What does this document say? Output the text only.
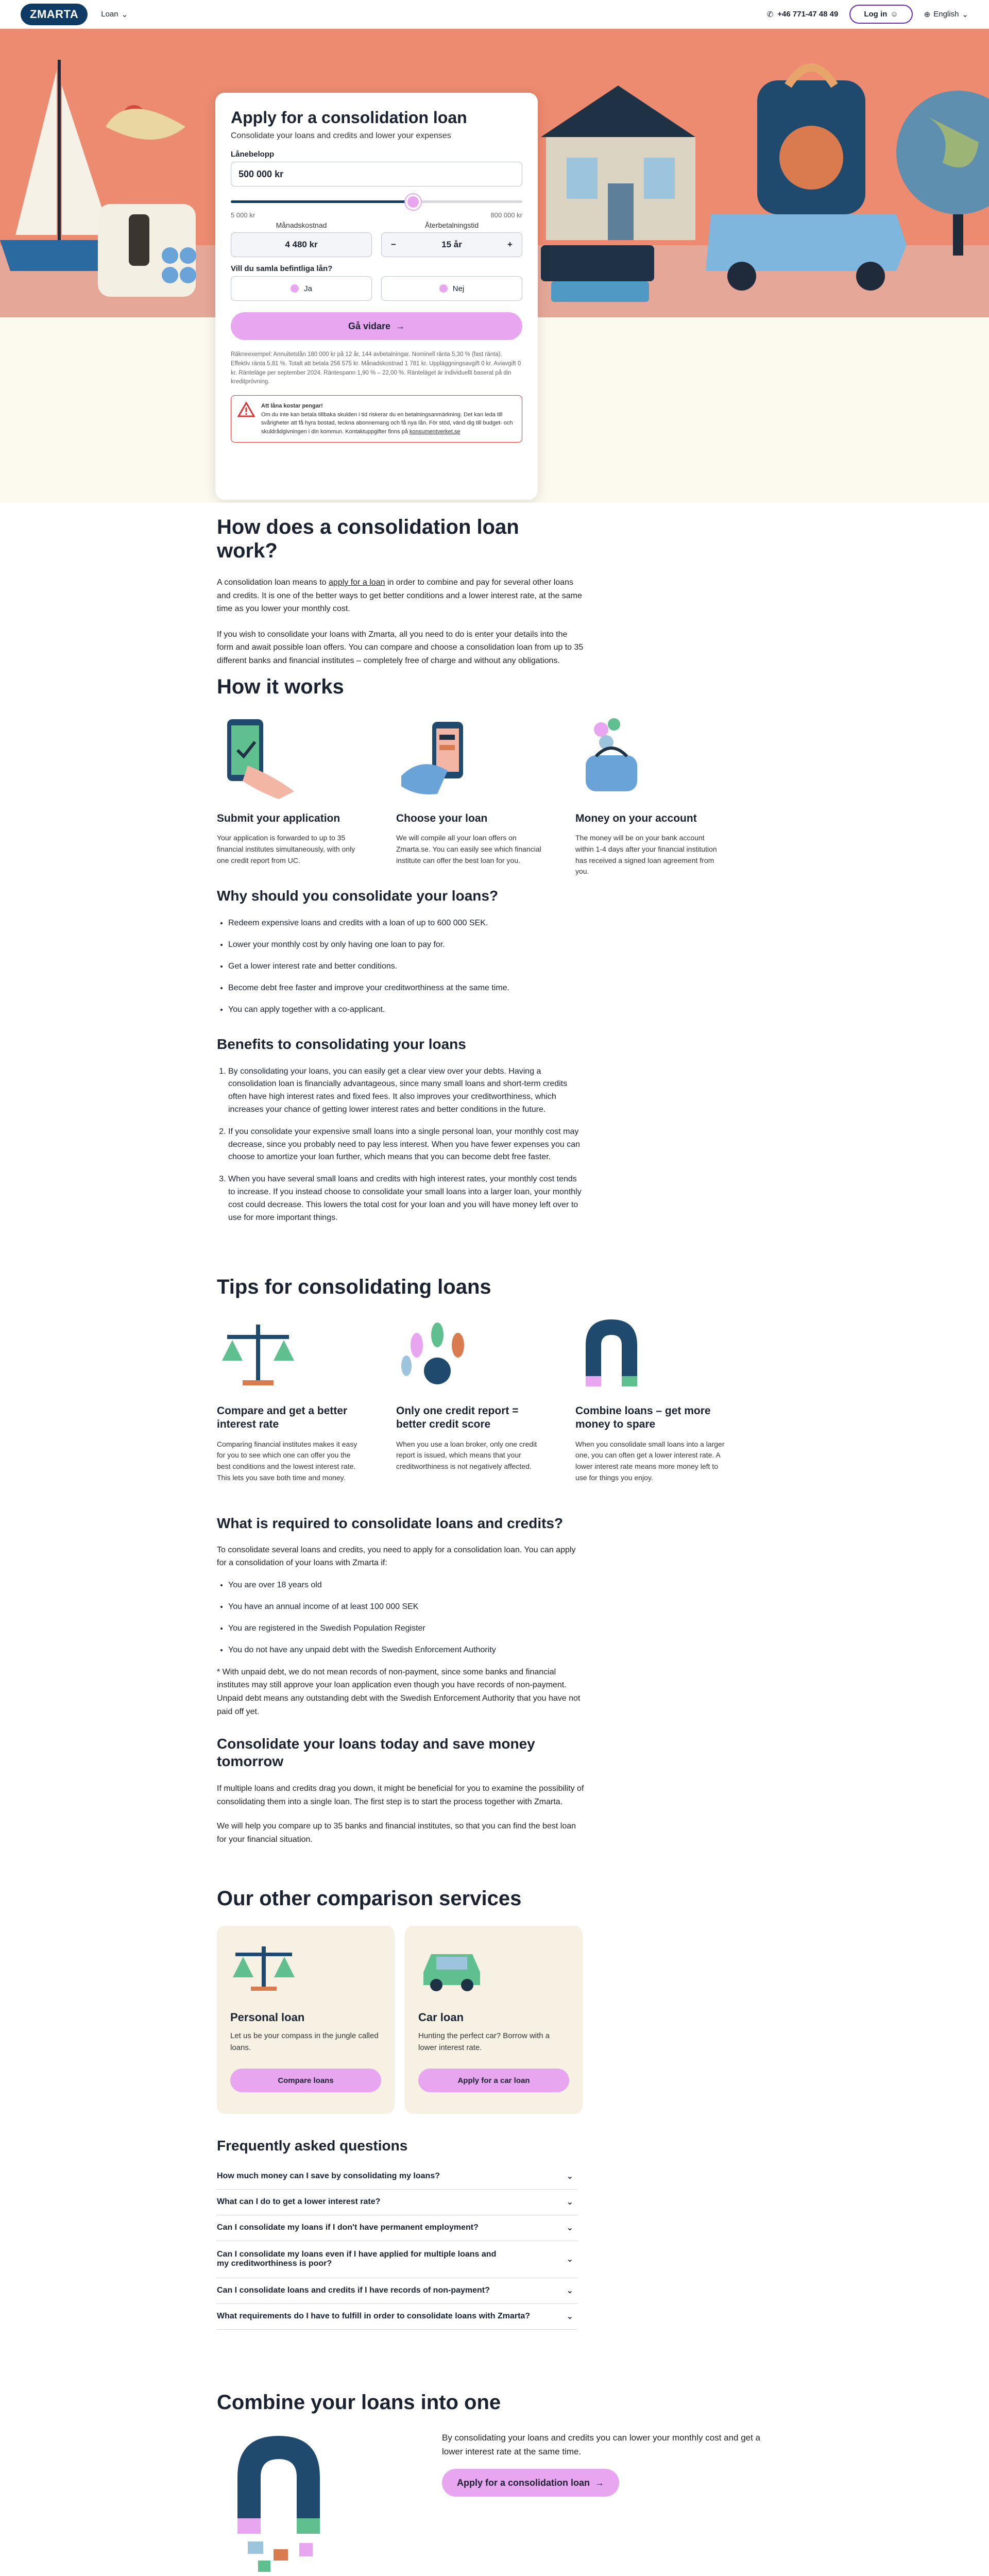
ZMARTA	Loan ⌄	✆ +46 771-47 48 49	Log in ☺	⊕ English ⌄
Apply for a consolidation loan
Consolidate your loans and credits and lower your expenses
Lånebelopp
500 000 kr
5 000 kr	800 000 kr
Månadskostnad
4 480 kr
Återbetalningstid
−	15 år	+
Vill du samla befintliga lån?
Ja	Nej
Gå vidare →
Räkneexempel: Annuitetslån 180 000 kr på 12 år, 144 avbetalningar. Nominell ränta 5,30 % (fast ränta). Effektiv ränta 5,81 %. Totalt att betala 256 575 kr. Månadskostnad 1 781 kr. Uppläggningsavgift 0 kr. Aviavgift 0 kr. Ränteläge per september 2024. Räntespann 1,90 % – 22,00 %. Ränteläget är individuellt baserat på din kreditprövning.
Att låna kostar pengar!
Om du inte kan betala tillbaka skulden i tid riskerar du en betalningsanmärkning. Det kan leda till svårigheter att få hyra bostad, teckna abonnemang och få nya lån. För stöd, vänd dig till budget- och skuldrådgivningen i din kommun. Kontaktuppgifter finns på konsumentverket.se
How does a consolidation loan work?

A consolidation loan means to apply for a loan in order to combine and pay for several other loans and credits. It is one of the better ways to get better conditions and a lower interest rate, at the same time as you lower your monthly cost.

If you wish to consolidate your loans with Zmarta, all you need to do is enter your details into the form and await possible loan offers. You can compare and choose a consolidation loan from up to 35 different banks and financial institutes – completely free of charge and without any obligations.

How it works
Submit your application

Your application is forwarded to up to 35 financial institutes simultaneously, with only one credit report from UC.

Choose your loan

We will compile all your loan offers on Zmarta.se. You can easily see which financial institute can offer the best loan for you.

Money on your account

The money will be on your bank account within 1-4 days after your financial institution has received a signed loan agreement from you.

Why should you consolidate your loans?
• Redeem expensive loans and credits with a loan of up to 600 000 SEK.
• Lower your monthly cost by only having one loan to pay for.
• Get a lower interest rate and better conditions.
• Become debt free faster and improve your creditworthiness at the same time.
• You can apply together with a co-applicant.
Benefits to consolidating your loans
1. By consolidating your loans, you can easily get a clear view over your debts. Having a consolidation loan is financially advantageous, since many small loans and short-term credits often have high interest rates and fixed fees. It also improves your creditworthiness, which increases your chance of getting lower interest rates and better conditions in the future.
2. If you consolidate your expensive small loans into a single personal loan, your monthly cost may decrease, since you probably need to pay less interest. When you have fewer expenses you can choose to amortize your loan further, which means that you can become debt free faster.
3. When you have several small loans and credits with high interest rates, your monthly cost tends to increase. If you instead choose to consolidate your small loans into a larger loan, your monthly cost could decrease. This lowers the total cost for your loan and you will have money left over to use for more important things.
Tips for consolidating loans
Compare and get a better interest rate

Comparing financial institutes makes it easy for you to see which one can offer you the best conditions and the lowest interest rate. This lets you save both time and money.

Only one credit report = better credit score

When you use a loan broker, only one credit report is issued, which means that your creditworthiness is not negatively affected.

Combine loans – get more money to spare

When you consolidate small loans into a larger one, you can often get a lower interest rate. A lower interest rate means more money left to use for things you enjoy.

What is required to consolidate loans and credits?

To consolidate several loans and credits, you need to apply for a consolidation loan. You can apply for a consolidation of your loans with Zmarta if:

• You are over 18 years old
• You have an annual income of at least 100 000 SEK
• You are registered in the Swedish Population Register
• You do not have any unpaid debt with the Swedish Enforcement Authority

* With unpaid debt, we do not mean records of non-payment, since some banks and financial institutes may still approve your loan application even though you have records of non-payment. Unpaid debt means any outstanding debt with the Swedish Enforcement Authority that you have not paid off yet.

Consolidate your loans today and save money tomorrow

If multiple loans and credits drag you down, it might be beneficial for you to examine the possibility of consolidating them into a single loan. The first step is to start the process together with Zmarta.

We will help you compare up to 35 banks and financial institutes, so that you can find the best loan for your financial situation.

Our other comparison services
Personal loan

Let us be your compass in the jungle called loans.

Compare loans
Car loan

Hunting the perfect car? Borrow with a lower interest rate.

Apply for a car loan
Frequently asked questions
How much money can I save by consolidating my loans?	⌄
What can I do to get a lower interest rate?	⌄
Can I consolidate my loans if I don't have permanent employment?	⌄
Can I consolidate my loans even if I have applied for multiple loans and my creditworthiness is poor?	⌄
Can I consolidate loans and credits if I have records of non-payment?	⌄
What requirements do I have to fulfill in order to consolidate loans with Zmarta?	⌄
Combine your loans into one

By consolidating your loans and credits you can lower your monthly cost and get a lower interest rate at the same time.

Apply for a consolidation loan →
